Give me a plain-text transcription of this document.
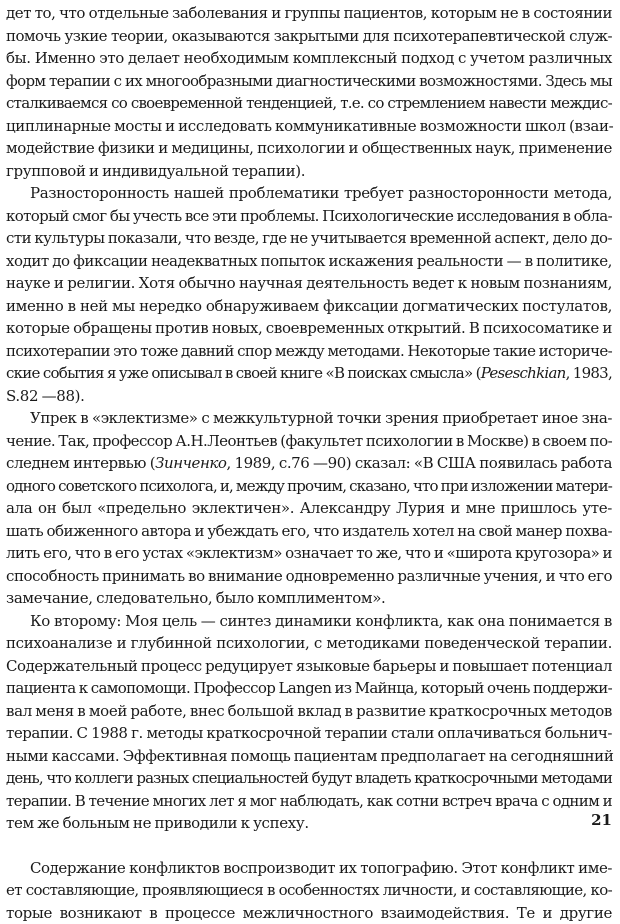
дет то, что отдельные заболевания и группы пациентов, которым не в состоянии
помочь узкие теории, оказываются закрытыми для психотерапевтической служ-
бы. Именно это делает необходимым комплексный подход с учетом различных
форм терапии с их многообразными диагностическими возможностями. Здесь мы
сталкиваемся со своевременной тенденцией, т.е. со стремлением навести междис-
циплинарные мосты и исследовать коммуникативные возможности школ (взаи-
модействие физики и медицины, психологии и общественных наук, применение
групповой и индивидуальной терапии).
Разносторонность нашей проблематики требует разносторонности метода,
который смог бы учесть все эти проблемы. Психологические исследования в обла-
сти культуры показали, что везде, где не учитывается временной аспект, дело до-
ходит до фиксации неадекватных попыток искажения реальности — в политике,
науке и религии. Хотя обычно научная деятельность ведет к новым познаниям,
именно в ней мы нередко обнаруживаем фиксации догматических постулатов,
которые обращены против новых, своевременных открытий. В психосоматике и
психотерапии это тоже давний спор между методами. Некоторые такие историче-
ские события я уже описывал в своей книге «В поисках смысла» (Peseschkian, 1983,
S.82 —88).
Упрек в «эклектизме» с межкультурной точки зрения приобретает иное зна-
чение. Так, профессор А.Н.Леонтьев (факультет психологии в Москве) в своем по-
следнем интервью (Зинченко, 1989, с.76 —90) сказал: «В США появилась работа
одного советского психолога, и, между прочим, сказано, что при изложении матери-
ала он был «предельно эклектичен». Александру Лурия и мне пришлось уте-
шать обиженного автора и убеждать его, что издатель хотел на свой манер похва-
лить его, что в его устах «эклектизм» означает то же, что и «широта кругозора» и
способность принимать во внимание одновременно различные учения, и что его
замечание, следовательно, было комплиментом».
Ко второму: Моя цель — синтез динамики конфликта, как она понимается в
психоанализе и глубинной психологии, с методиками поведенческой терапии.
Содержательный процесс редуцирует языковые барьеры и повышает потенциал
пациента к самопомощи. Профессор Langen из Майнца, который очень поддержи-
вал меня в моей работе, внес большой вклад в развитие краткосрочных методов
терапии. С 1988 г. методы краткосрочной терапии стали оплачиваться больнич-
ными кассами. Эффективная помощь пациентам предполагает на сегодняшний
день, что коллеги разных специальностей будут владеть краткосрочными методами
терапии. В течение многих лет я мог наблюдать, как сотни встреч врача с одним и
тем же больным не приводили к успеху.
Содержание конфликтов воспроизводит их топографию. Этот конфликт име-
ет составляющие, проявляющиеся в особенностях личности, и составляющие, ко-
торые возникают в процессе межличностного взаимодействия. Те и другие
21
